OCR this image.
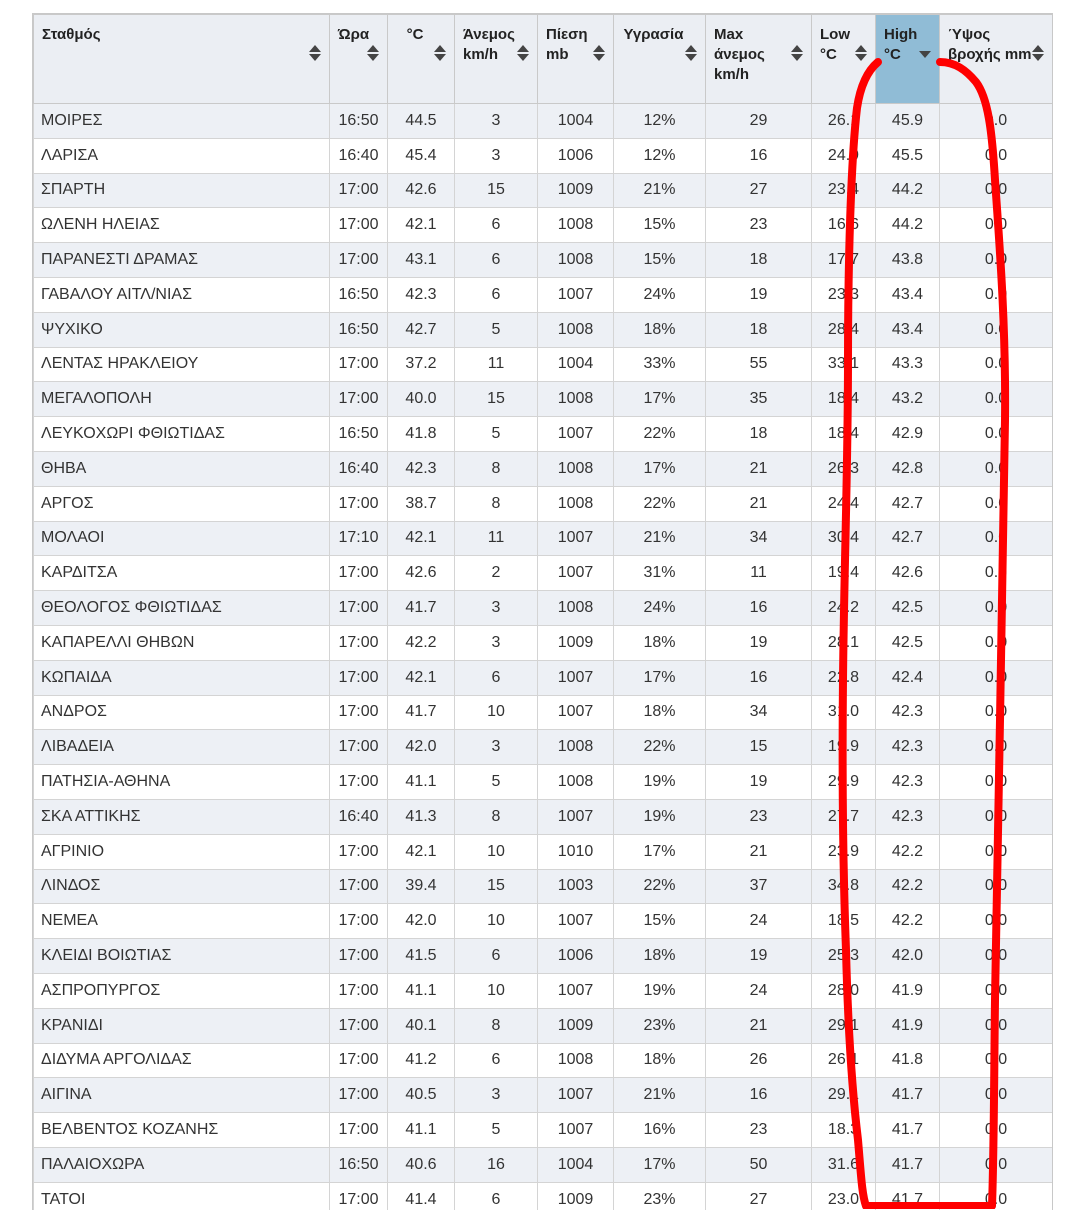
Σταθμός	Ώρα	°C	Άνεμος km/h	Πίεση mb	Υγρασία	Max άνεμος km/h	Low °C	High °C	Ύψος βροχής mm

ΜΟΙΡΕΣ	16:50	44.5	3	1004	12%	29	26.1	45.9	0.0
ΛΑΡΙΣΑ	16:40	45.4	3	1006	12%	16	24.9	45.5	0.0
ΣΠΑΡΤΗ	17:00	42.6	15	1009	21%	27	23.4	44.2	0.0
ΩΛΕΝΗ ΗΛΕΙΑΣ	17:00	42.1	6	1008	15%	23	16.6	44.2	0.0
ΠΑΡΑΝΕΣΤΙ ΔΡΑΜΑΣ	17:00	43.1	6	1008	15%	18	17.7	43.8	0.0
ΓΑΒΑΛΟΥ ΑΙΤΛ/ΝΙΑΣ	16:50	42.3	6	1007	24%	19	23.3	43.4	0.0
ΨΥΧΙΚΟ	16:50	42.7	5	1008	18%	18	28.4	43.4	0.0
ΛΕΝΤΑΣ ΗΡΑΚΛΕΙΟΥ	17:00	37.2	11	1004	33%	55	33.1	43.3	0.0
ΜΕΓΑΛΟΠΟΛΗ	17:00	40.0	15	1008	17%	35	18.4	43.2	0.0
ΛΕΥΚΟΧΩΡΙ ΦΘΙΩΤΙΔΑΣ	16:50	41.8	5	1007	22%	18	18.4	42.9	0.0
ΘΗΒΑ	16:40	42.3	8	1008	17%	21	26.3	42.8	0.0
ΑΡΓΟΣ	17:00	38.7	8	1008	22%	21	24.4	42.7	0.0
ΜΟΛΑΟΙ	17:10	42.1	11	1007	21%	34	30.4	42.7	0.0
ΚΑΡΔΙΤΣΑ	17:00	42.6	2	1007	31%	11	19.4	42.6	0.0
ΘΕΟΛΟΓΟΣ ΦΘΙΩΤΙΔΑΣ	17:00	41.7	3	1008	24%	16	24.2	42.5	0.0
ΚΑΠΑΡΕΛΛΙ ΘΗΒΩΝ	17:00	42.2	3	1009	18%	19	28.1	42.5	0.0
ΚΩΠΑΙΔΑ	17:00	42.1	6	1007	17%	16	22.8	42.4	0.0
ΑΝΔΡΟΣ	17:00	41.7	10	1007	18%	34	31.0	42.3	0.0
ΛΙΒΑΔΕΙΑ	17:00	42.0	3	1008	22%	15	19.9	42.3	0.0
ΠΑΤΗΣΙΑ-ΑΘΗΝΑ	17:00	41.1	5	1008	19%	19	29.9	42.3	0.0
ΣΚΑ ΑΤΤΙΚΗΣ	16:40	41.3	8	1007	19%	23	27.7	42.3	0.0
ΑΓΡΙΝΙΟ	17:00	42.1	10	1010	17%	21	23.9	42.2	0.0
ΛΙΝΔΟΣ	17:00	39.4	15	1003	22%	37	34.8	42.2	0.0
ΝΕΜΕΑ	17:00	42.0	10	1007	15%	24	18.5	42.2	0.0
ΚΛΕΙΔΙ ΒΟΙΩΤΙΑΣ	17:00	41.5	6	1006	18%	19	25.3	42.0	0.0
ΑΣΠΡΟΠΥΡΓΟΣ	17:00	41.1	10	1007	19%	24	28.0	41.9	0.0
ΚΡΑΝΙΔΙ	17:00	40.1	8	1009	23%	21	29.1	41.9	0.0
ΔΙΔΥΜΑ ΑΡΓΟΛΙΔΑΣ	17:00	41.2	6	1008	18%	26	26.1	41.8	0.0
ΑΙΓΙΝΑ	17:00	40.5	3	1007	21%	16	29.1	41.7	0.0
ΒΕΛΒΕΝΤΟΣ ΚΟΖΑΝΗΣ	17:00	41.1	5	1007	16%	23	18.3	41.7	0.0
ΠΑΛΑΙΟΧΩΡΑ	16:50	40.6	16	1004	17%	50	31.6	41.7	0.0
ΤΑΤΟΙ	17:00	41.4	6	1009	23%	27	23.0	41.7	0.0
